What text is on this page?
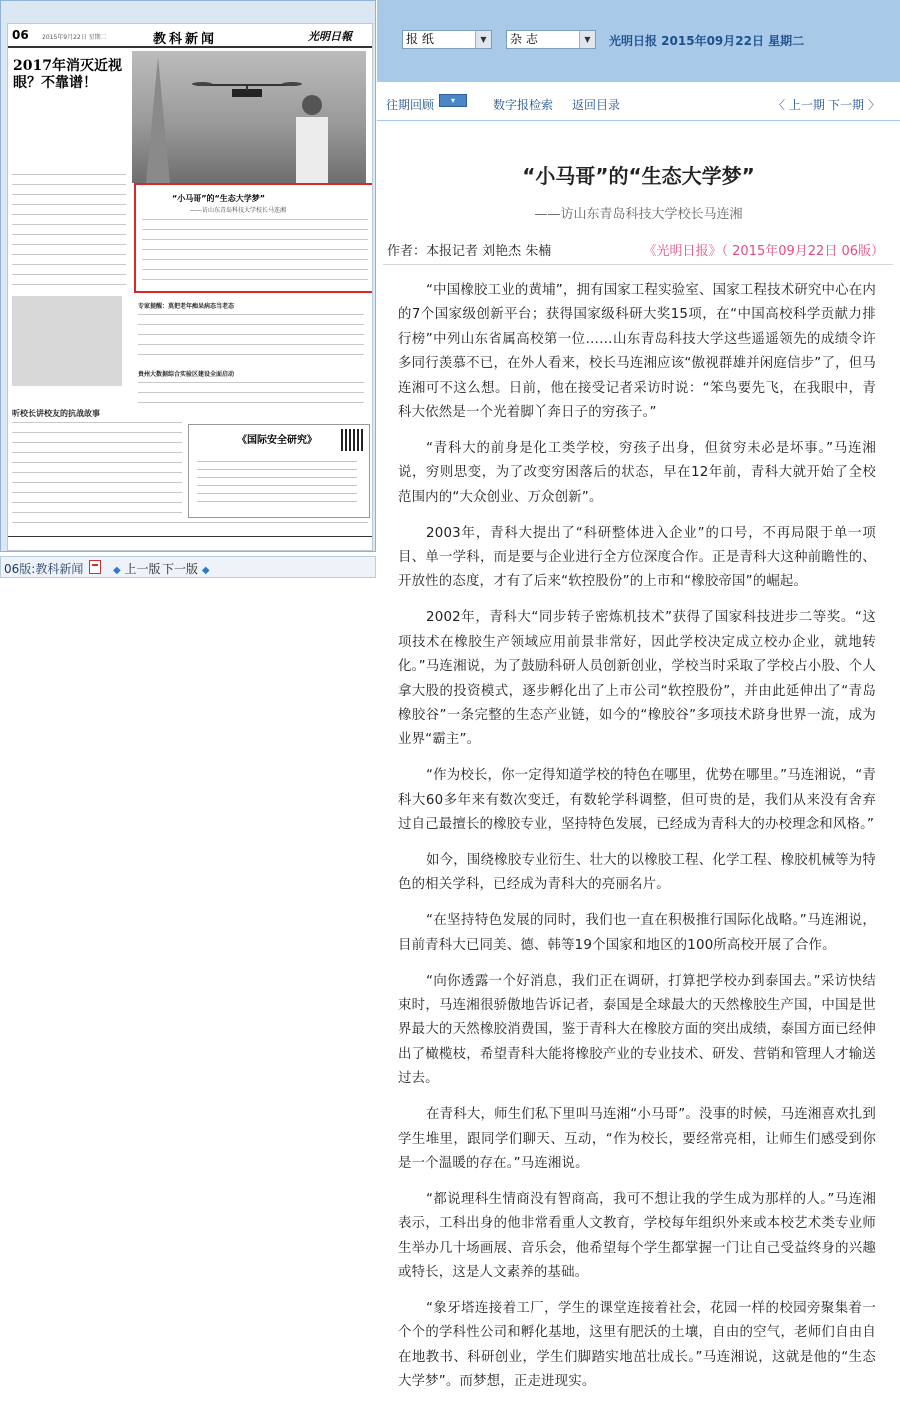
06 2015年9月22日 星期二	教科新闻	光明日報
2017年消灭近视眼？不靠谱！
“小马哥”的“生态大学梦”
——访山东青岛科技大学校长马连湘
专家提醒：莫把老年痴呆病态当老态
贵州大数据综合实验区建设全面启动
听校长讲校友的抗战故事
《国际安全研究》
06版:教科新闻	◆ 上一版 下一版 ◆
报 纸	▼	杂 志	▼	光明日报 2015年09月22日 星期二
往期回顾	▾	数字报检索 返回目录	〈 上一期 下一期 〉
“小马哥”的“生态大学梦”
——访山东青岛科技大学校长马连湘
作者：本报记者 刘艳杰 朱楠	《光明日报》（ 2015年09月22日 06版）

“中国橡胶工业的黄埔”，拥有国家工程实验室、国家工程技术研究中心在内的7个国家级创新平台；获得国家级科研大奖15项，在“中国高校科学贡献力排行榜”中列山东省属高校第一位……山东青岛科技大学这些遥遥领先的成绩令许多同行羡慕不已，在外人看来，校长马连湘应该“傲视群雄并闲庭信步”了，但马连湘可不这么想。日前，他在接受记者采访时说：“笨鸟要先飞，在我眼中，青科大依然是一个光着脚丫奔日子的穷孩子。”

“青科大的前身是化工类学校，穷孩子出身，但贫穷未必是坏事。”马连湘说，穷则思变，为了改变穷困落后的状态，早在12年前，青科大就开始了全校范围内的“大众创业、万众创新”。

2003年，青科大提出了“科研整体进入企业”的口号，不再局限于单一项目、单一学科，而是要与企业进行全方位深度合作。正是青科大这种前瞻性的、开放性的态度，才有了后来“软控股份”的上市和“橡胶帝国”的崛起。

2002年，青科大“同步转子密炼机技术”获得了国家科技进步二等奖。“这项技术在橡胶生产领域应用前景非常好，因此学校决定成立校办企业，就地转化。”马连湘说，为了鼓励科研人员创新创业，学校当时采取了学校占小股、个人拿大股的投资模式，逐步孵化出了上市公司“软控股份”，并由此延伸出了“青岛橡胶谷”一条完整的生态产业链，如今的“橡胶谷”多项技术跻身世界一流，成为业界“霸主”。

“作为校长，你一定得知道学校的特色在哪里，优势在哪里。”马连湘说，“青科大60多年来有数次变迁，有数轮学科调整，但可贵的是，我们从来没有舍弃过自己最擅长的橡胶专业，坚持特色发展，已经成为青科大的办校理念和风格。”

如今，围绕橡胶专业衍生、壮大的以橡胶工程、化学工程、橡胶机械等为特色的相关学科，已经成为青科大的亮丽名片。

“在坚持特色发展的同时，我们也一直在积极推行国际化战略。”马连湘说，目前青科大已同美、德、韩等19个国家和地区的100所高校开展了合作。

“向你透露一个好消息，我们正在调研，打算把学校办到泰国去。”采访快结束时，马连湘很骄傲地告诉记者，泰国是全球最大的天然橡胶生产国，中国是世界最大的天然橡胶消费国，鉴于青科大在橡胶方面的突出成绩，泰国方面已经伸出了橄榄枝，希望青科大能将橡胶产业的专业技术、研发、营销和管理人才输送过去。

在青科大，师生们私下里叫马连湘“小马哥”。没事的时候，马连湘喜欢扎到学生堆里，跟同学们聊天、互动，“作为校长，要经常亮相，让师生们感受到你是一个温暖的存在。”马连湘说。

“都说理科生情商没有智商高，我可不想让我的学生成为那样的人。”马连湘表示，工科出身的他非常看重人文教育，学校每年组织外来或本校艺术类专业师生举办几十场画展、音乐会，他希望每个学生都掌握一门让自己受益终身的兴趣或特长，这是人文素养的基础。

“象牙塔连接着工厂，学生的课堂连接着社会，花园一样的校园旁聚集着一个个的学科性公司和孵化基地，这里有肥沃的土壤，自由的空气，老师们自由自在地教书、科研创业，学生们脚踏实地茁壮成长。”马连湘说，这就是他的“生态大学梦”。而梦想，正走进现实。
